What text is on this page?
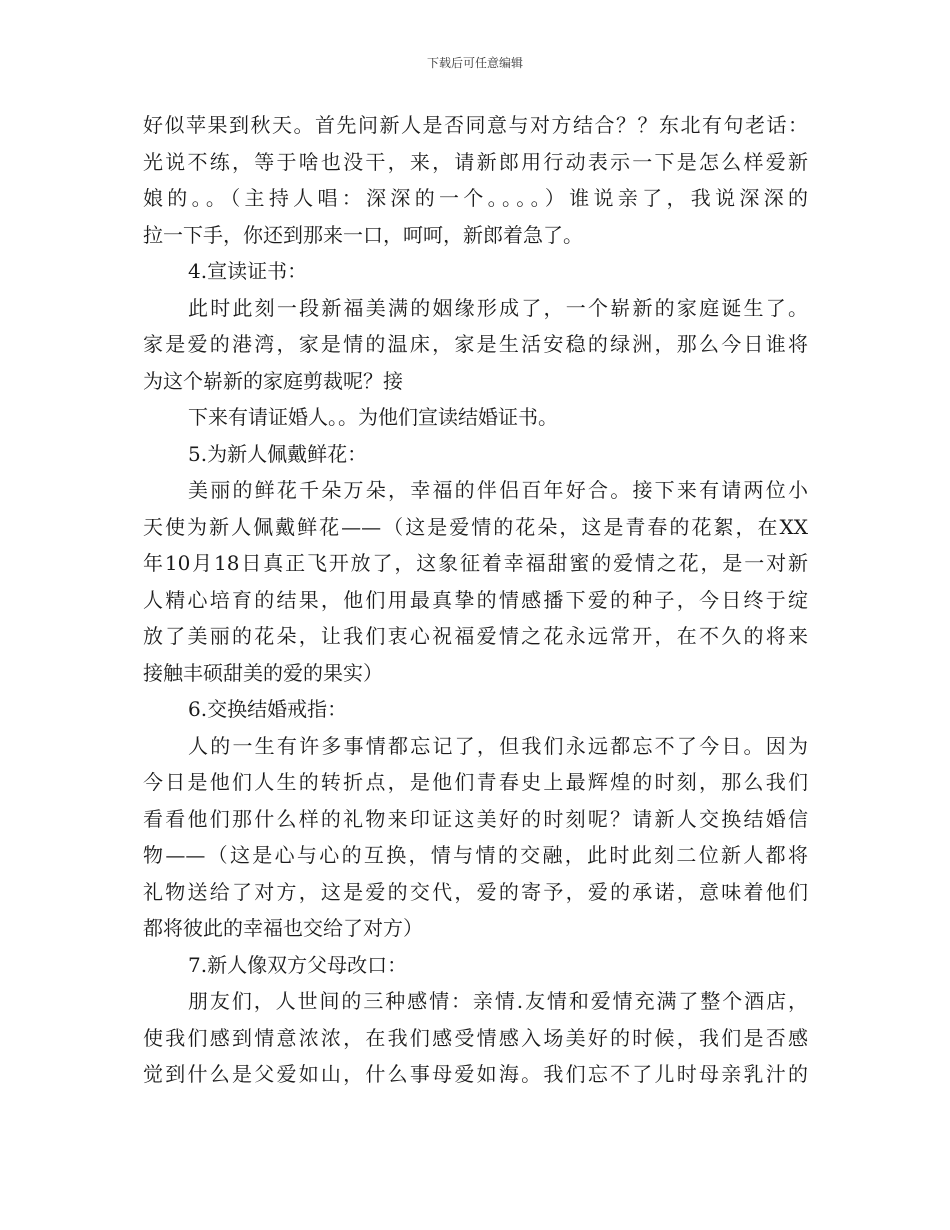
下载后可任意编辑
好似苹果到秋天。首先问新人是否同意与对方结合？？东北有句老话：
光说不练，等于啥也没干，来，请新郎用行动表示一下是怎么样爱新
娘的。。（主持人唱：深深的一个。。。。）谁说亲了，我说深深的
拉一下手，你还到那来一口，呵呵，新郎着急了。
4.宣读证书：
此时此刻一段新福美满的姻缘形成了，一个崭新的家庭诞生了。
家是爱的港湾，家是情的温床，家是生活安稳的绿洲，那么今日谁将
为这个崭新的家庭剪裁呢？接
下来有请证婚人。。为他们宣读结婚证书。
5.为新人佩戴鲜花：
美丽的鲜花千朵万朵，幸福的伴侣百年好合。接下来有请两位小
天使为新人佩戴鲜花——（这是爱情的花朵，这是青春的花絮，在XX
年10月18日真正飞开放了，这象征着幸福甜蜜的爱情之花，是一对新
人精心培育的结果，他们用最真挚的情感播下爱的种子，今日终于绽
放了美丽的花朵，让我们衷心祝福爱情之花永远常开，在不久的将来
接触丰硕甜美的爱的果实）
6.交换结婚戒指：
人的一生有许多事情都忘记了，但我们永远都忘不了今日。因为
今日是他们人生的转折点，是他们青春史上最辉煌的时刻，那么我们
看看他们那什么样的礼物来印证这美好的时刻呢？请新人交换结婚信
物——（这是心与心的互换，情与情的交融，此时此刻二位新人都将
礼物送给了对方，这是爱的交代，爱的寄予，爱的承诺，意味着他们
都将彼此的幸福也交给了对方）
7.新人像双方父母改口：
朋友们，人世间的三种感情：亲情.友情和爱情充满了整个酒店，
使我们感到情意浓浓，在我们感受情感入场美好的时候，我们是否感
觉到什么是父爱如山，什么事母爱如海。我们忘不了儿时母亲乳汁的
